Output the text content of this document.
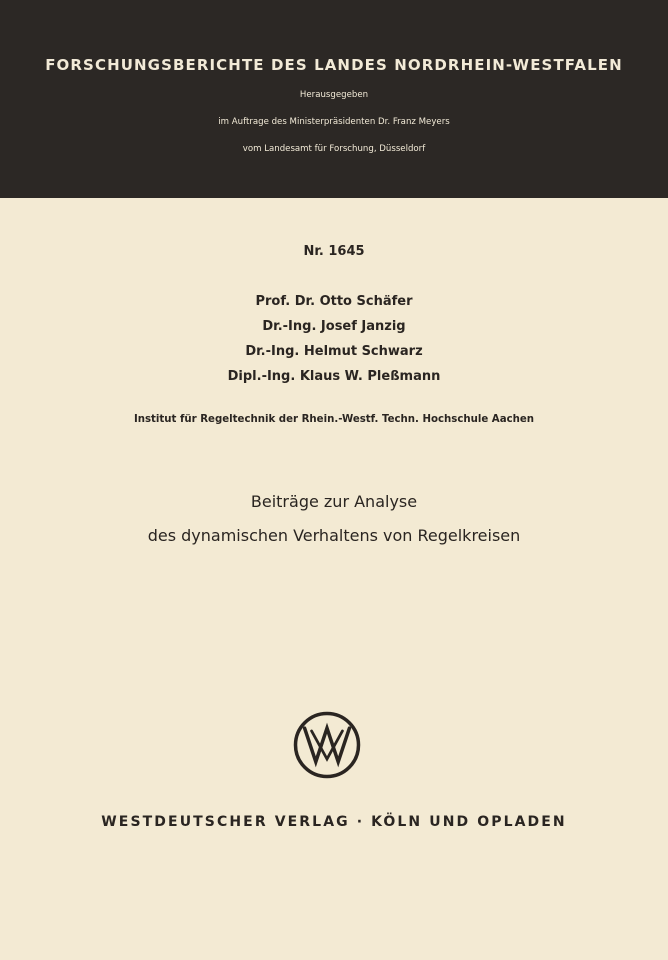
FORSCHUNGSBERICHTE DES LANDES NORDRHEIN-WESTFALEN
Herausgegeben
im Auftrage des Ministerpräsidenten Dr. Franz Meyers
vom Landesamt für Forschung, Düsseldorf
Nr. 1645
Prof. Dr. Otto Schäfer
Dr.-Ing. Josef Janzig
Dr.-Ing. Helmut Schwarz
Dipl.-Ing. Klaus W. Pleßmann
Institut für Regeltechnik der Rhein.-Westf. Techn. Hochschule Aachen
Beiträge zur Analyse
des dynamischen Verhaltens von Regelkreisen
WESTDEUTSCHER VERLAG · KÖLN UND OPLADEN
